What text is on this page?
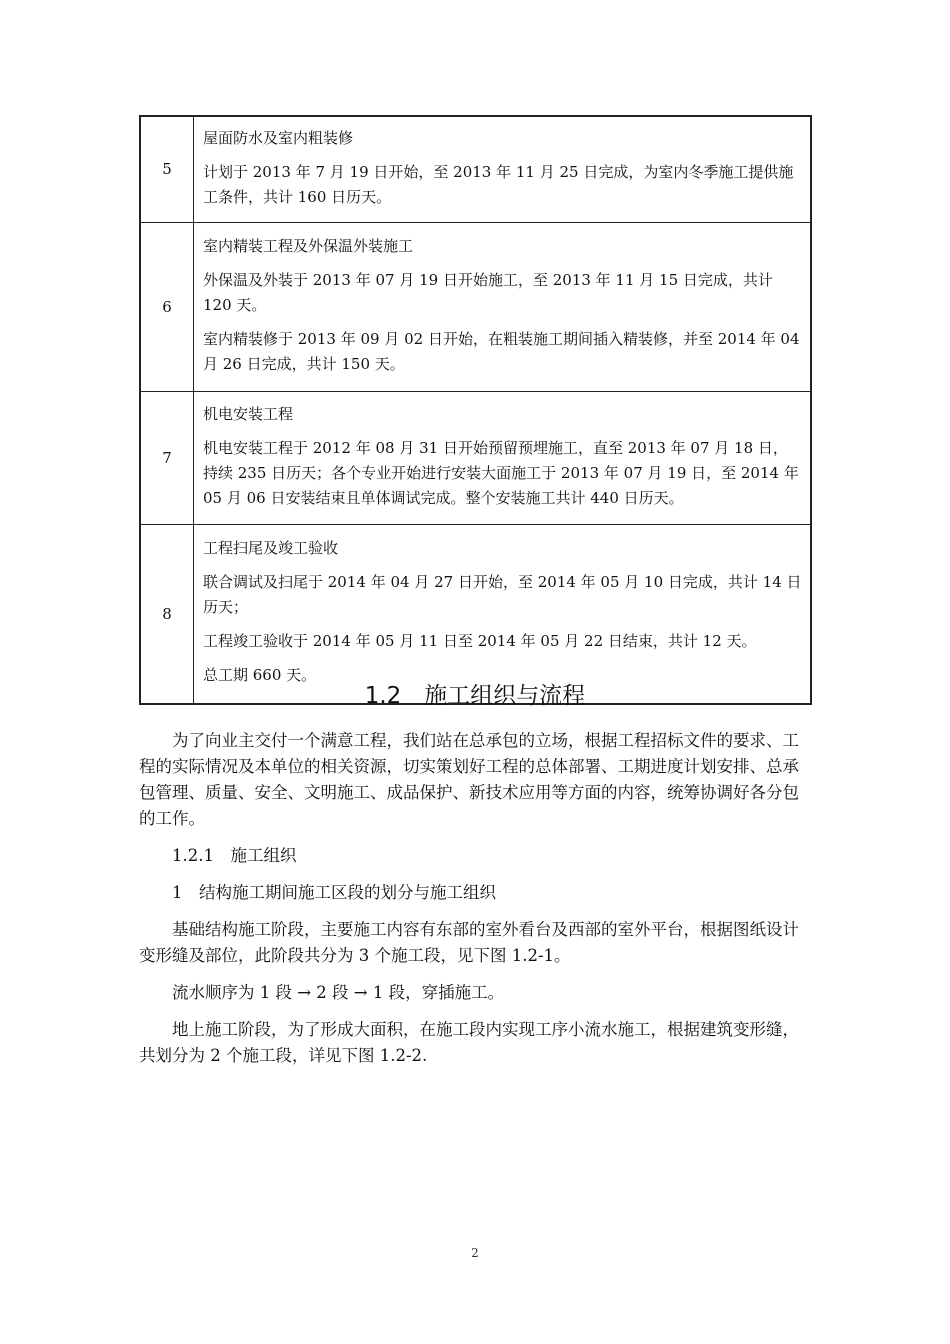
5	屋面防水及室内粗装修

计划于 2013 年 7 月 19 日开始，至 2013 年 11 月 25 日完成，为室内冬季施工提供施工条件，共计 160 日历天。

6	室内精装工程及外保温外装施工

外保温及外装于 2013 年 07 月 19 日开始施工，至 2013 年 11 月 15 日完成，共计 120 天。

室内精装修于 2013 年 09 月 02 日开始，在粗装施工期间插入精装修，并至 2014 年 04 月 26 日完成，共计 150 天。

7	机电安装工程

机电安装工程于 2012 年 08 月 31 日开始预留预埋施工，直至 2013 年 07 月 18 日，持续 235 日历天；各个专业开始进行安装大面施工于 2013 年 07 月 19 日，至 2014 年 05 月 06 日安装结束且单体调试完成。整个安装施工共计 440 日历天。

8	工程扫尾及竣工验收

联合调试及扫尾于 2014 年 04 月 27 日开始，至 2014 年 05 月 10 日完成，共计 14 日历天；

工程竣工验收于 2014 年 05 月 11 日至 2014 年 05 月 22 日结束，共计 12 天。

总工期 660 天。

1.2　施工组织与流程

为了向业主交付一个满意工程，我们站在总承包的立场，根据工程招标文件的要求、工程的实际情况及本单位的相关资源，切实策划好工程的总体部署、工期进度计划安排、总承包管理、质量、安全、文明施工、成品保护、新技术应用等方面的内容，统筹协调好各分包的工作。

1.2.1　施工组织

1　结构施工期间施工区段的划分与施工组织

基础结构施工阶段，主要施工内容有东部的室外看台及西部的室外平台，根据图纸设计变形缝及部位，此阶段共分为 3 个施工段，见下图 1.2-1。

流水顺序为 1 段 → 2 段 → 1 段，穿插施工。

地上施工阶段，为了形成大面积，在施工段内实现工序小流水施工，根据建筑变形缝，共划分为 2 个施工段，详见下图 1.2-2.

2
